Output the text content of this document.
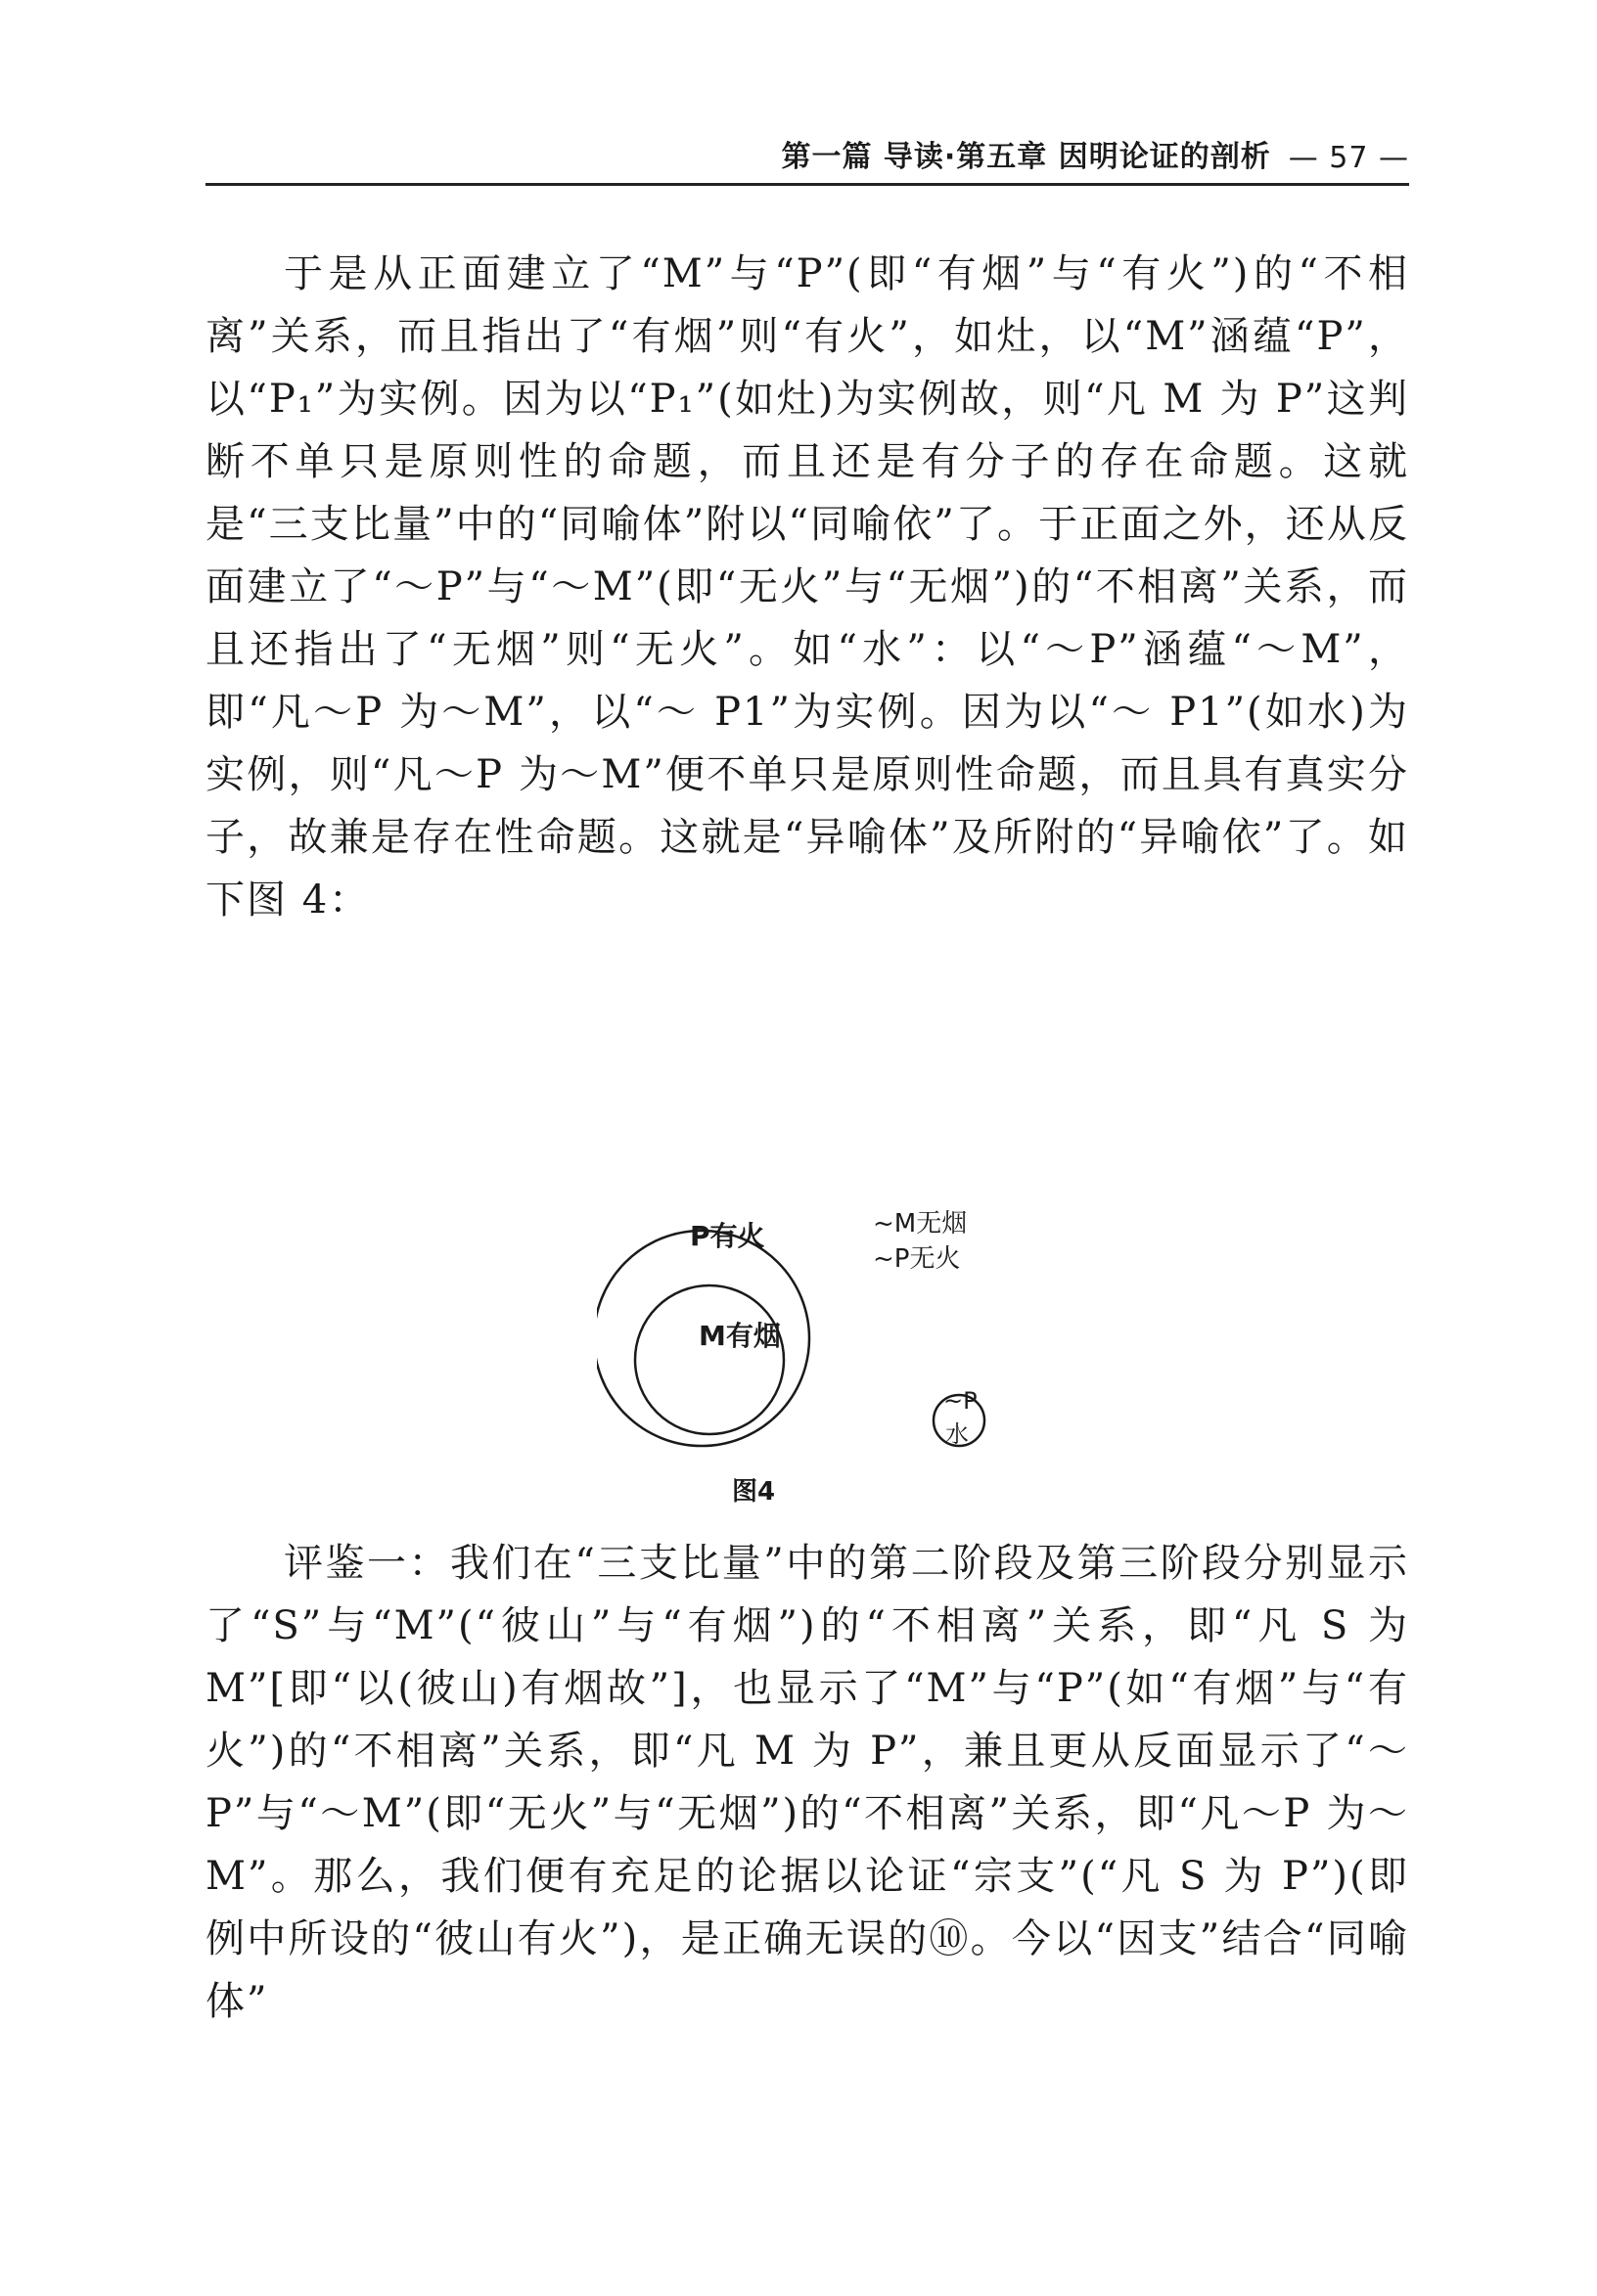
第一篇 导读·第五章 因明论证的剖析 — 57 —

于是从正面建立了“M”与“P”(即“有烟”与“有火”)的“不相离”关系，而且指出了“有烟”则“有火”，如灶，以“M”涵蕴“P”，以“P₁”为实例。因为以“P₁”(如灶)为实例故，则“凡 M 为 P”这判断不单只是原则性的命题，而且还是有分子的存在命题。这就是“三支比量”中的“同喻体”附以“同喻依”了。于正面之外，还从反面建立了“～P”与“～M”(即“无火”与“无烟”)的“不相离”关系，而且还指出了“无烟”则“无火”。如“水”：以“～P”涵蕴“～M”，即“凡～P 为～M”，以“～ P1”为实例。因为以“～ P1”(如水)为实例，则“凡～P 为～M”便不单只是原则性命题，而且具有真实分子，故兼是存在性命题。这就是“异喻体”及所附的“异喻依”了。如下图 4：

P有火
M有烟
~M无烟
~P无火
~P
水
图4

评鉴一：我们在“三支比量”中的第二阶段及第三阶段分别显示了“S”与“M”(“彼山”与“有烟”)的“不相离”关系，即“凡 S 为 M”[即“以(彼山)有烟故”]，也显示了“M”与“P”(如“有烟”与“有火”)的“不相离”关系，即“凡 M 为 P”，兼且更从反面显示了“～P”与“～M”(即“无火”与“无烟”)的“不相离”关系，即“凡～P 为～M”。那么，我们便有充足的论据以论证“宗支”(“凡 S 为 P”)(即例中所设的“彼山有火”)，是正确无误的⑩。今以“因支”结合“同喻体”
